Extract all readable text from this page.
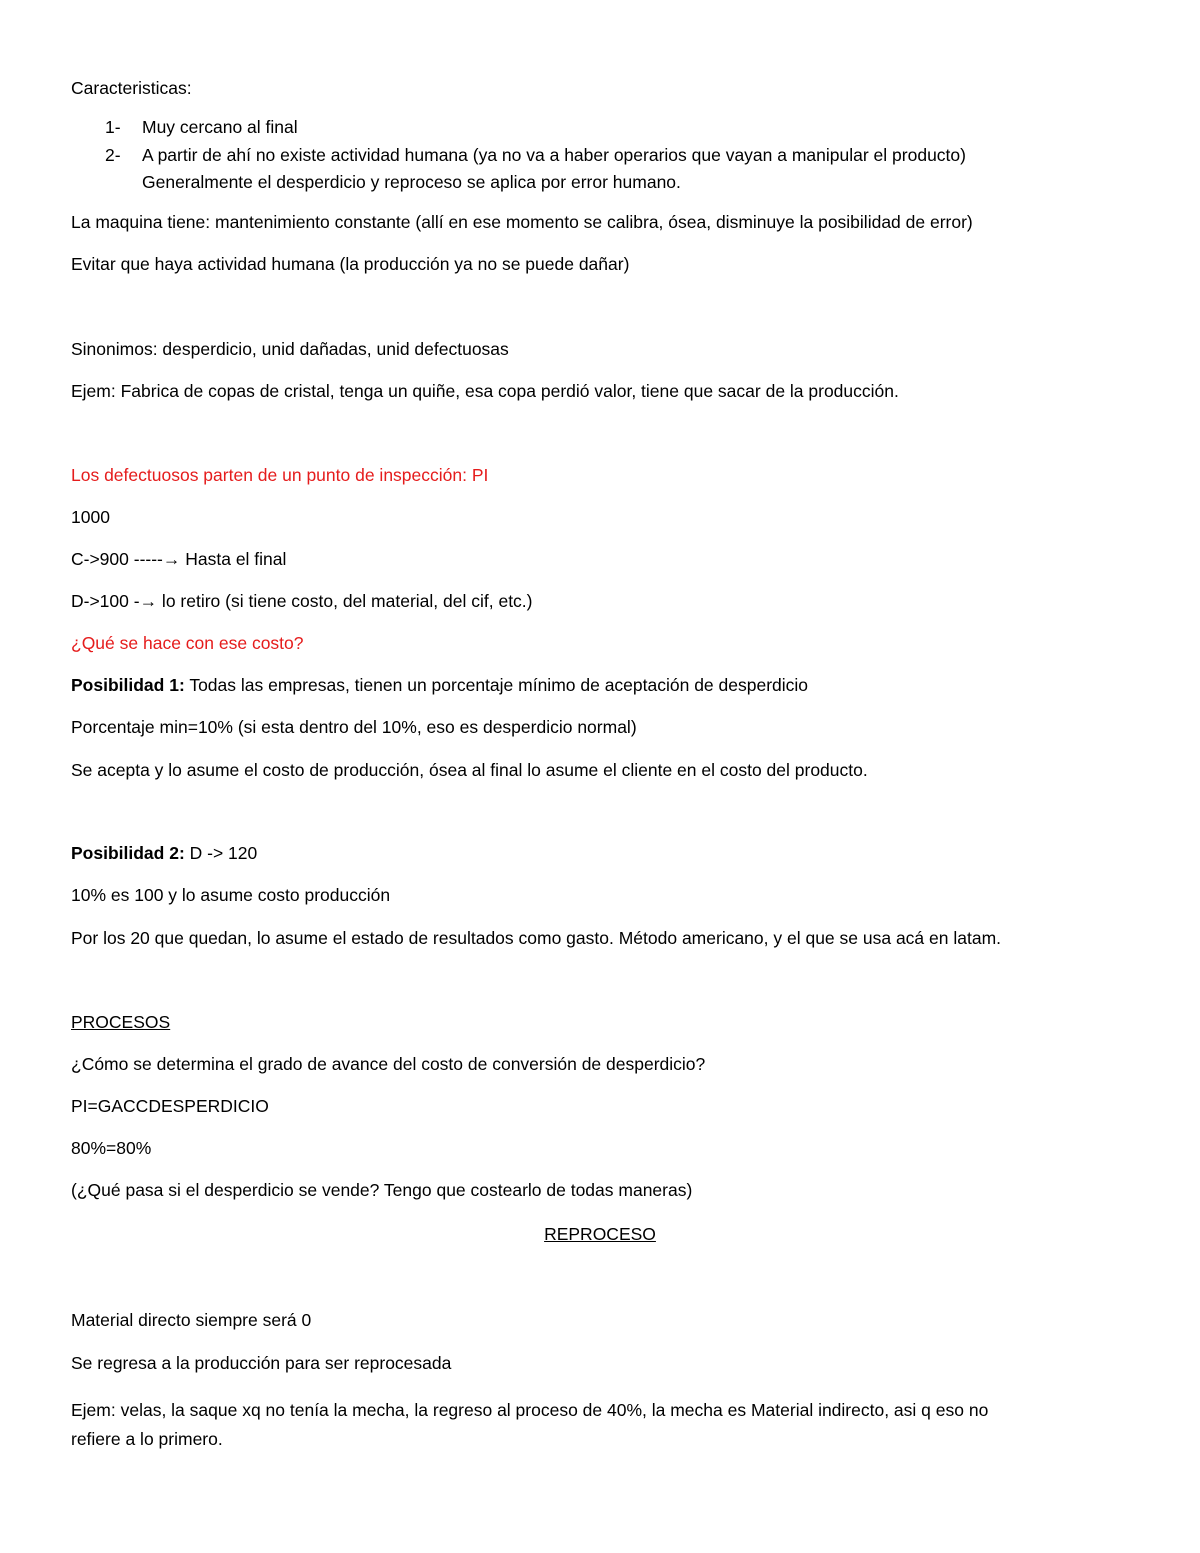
Caracteristicas:
1- Muy cercano al final
2- A partir de ahí no existe actividad humana (ya no va a haber operarios que vayan a manipular el producto)
Generalmente el desperdicio y reproceso se aplica por error humano.
La maquina tiene: mantenimiento constante (allí en ese momento se calibra, ósea, disminuye la posibilidad de error)
Evitar que haya actividad humana (la producción ya no se puede dañar)
Sinonimos: desperdicio, unid dañadas, unid defectuosas
Ejem: Fabrica de copas de cristal, tenga un quiñe, esa copa perdió valor, tiene que sacar de la producción.
Los defectuosos parten de un punto de inspección: PI
1000
C->900 -----→ Hasta el final
D->100 -→ lo retiro (si tiene costo, del material, del cif, etc.)
¿Qué se hace con ese costo?
Posibilidad 1: Todas las empresas, tienen un porcentaje mínimo de aceptación de desperdicio
Porcentaje min=10% (si esta dentro del 10%, eso es desperdicio normal)
Se acepta y lo asume el costo de producción, ósea al final lo asume el cliente en el costo del producto.
Posibilidad 2: D -> 120
10% es 100 y lo asume costo producción
Por los 20 que quedan, lo asume el estado de resultados como gasto. Método americano, y el que se usa acá en latam.
PROCESOS
¿Cómo se determina el grado de avance del costo de conversión de desperdicio?
PI=GACCDESPERDICIO
80%=80%
(¿Qué pasa si el desperdicio se vende? Tengo que costearlo de todas maneras)
REPROCESO
Material directo siempre será 0
Se regresa a la producción para ser reprocesada
Ejem: velas, la saque xq no tenía la mecha, la regreso al proceso de 40%, la mecha es Material indirecto, asi q eso no
refiere a lo primero.
